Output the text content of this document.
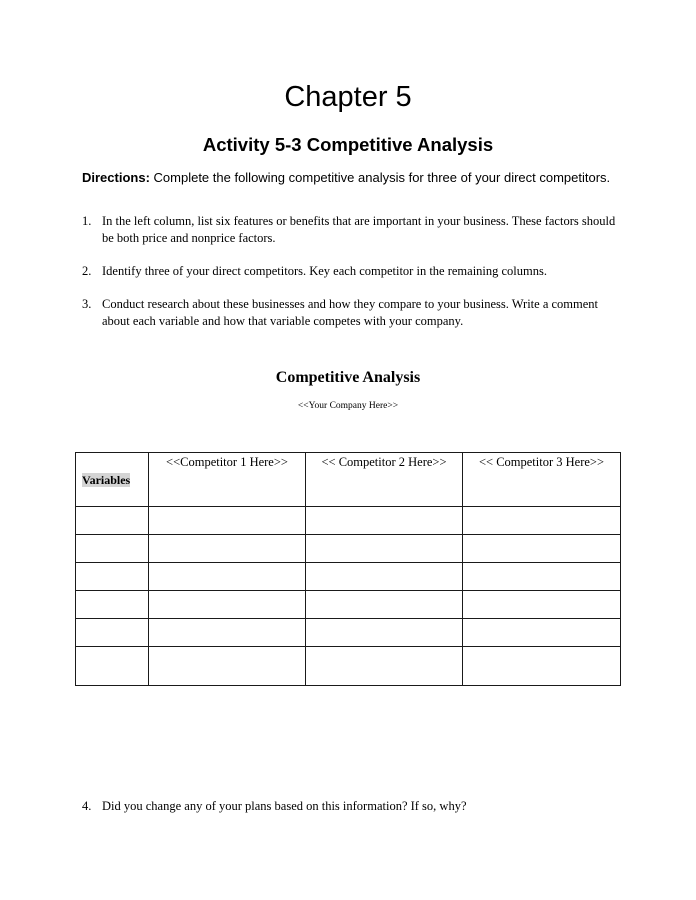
Chapter 5
Activity 5-3 Competitive Analysis
Directions: Complete the following competitive analysis for three of your direct competitors.
1. In the left column, list six features or benefits that are important in your business. These factors should be both price and nonprice factors.
2. Identify three of your direct competitors. Key each competitor in the remaining columns.
3. Conduct research about these businesses and how they compare to your business. Write a comment about each variable and how that variable competes with your company.
Competitive Analysis
<<Your Company Here>>
Variables	<<Competitor 1 Here>>	<< Competitor 2 Here>>	<< Competitor 3 Here>>

4. Did you change any of your plans based on this information? If so, why?
